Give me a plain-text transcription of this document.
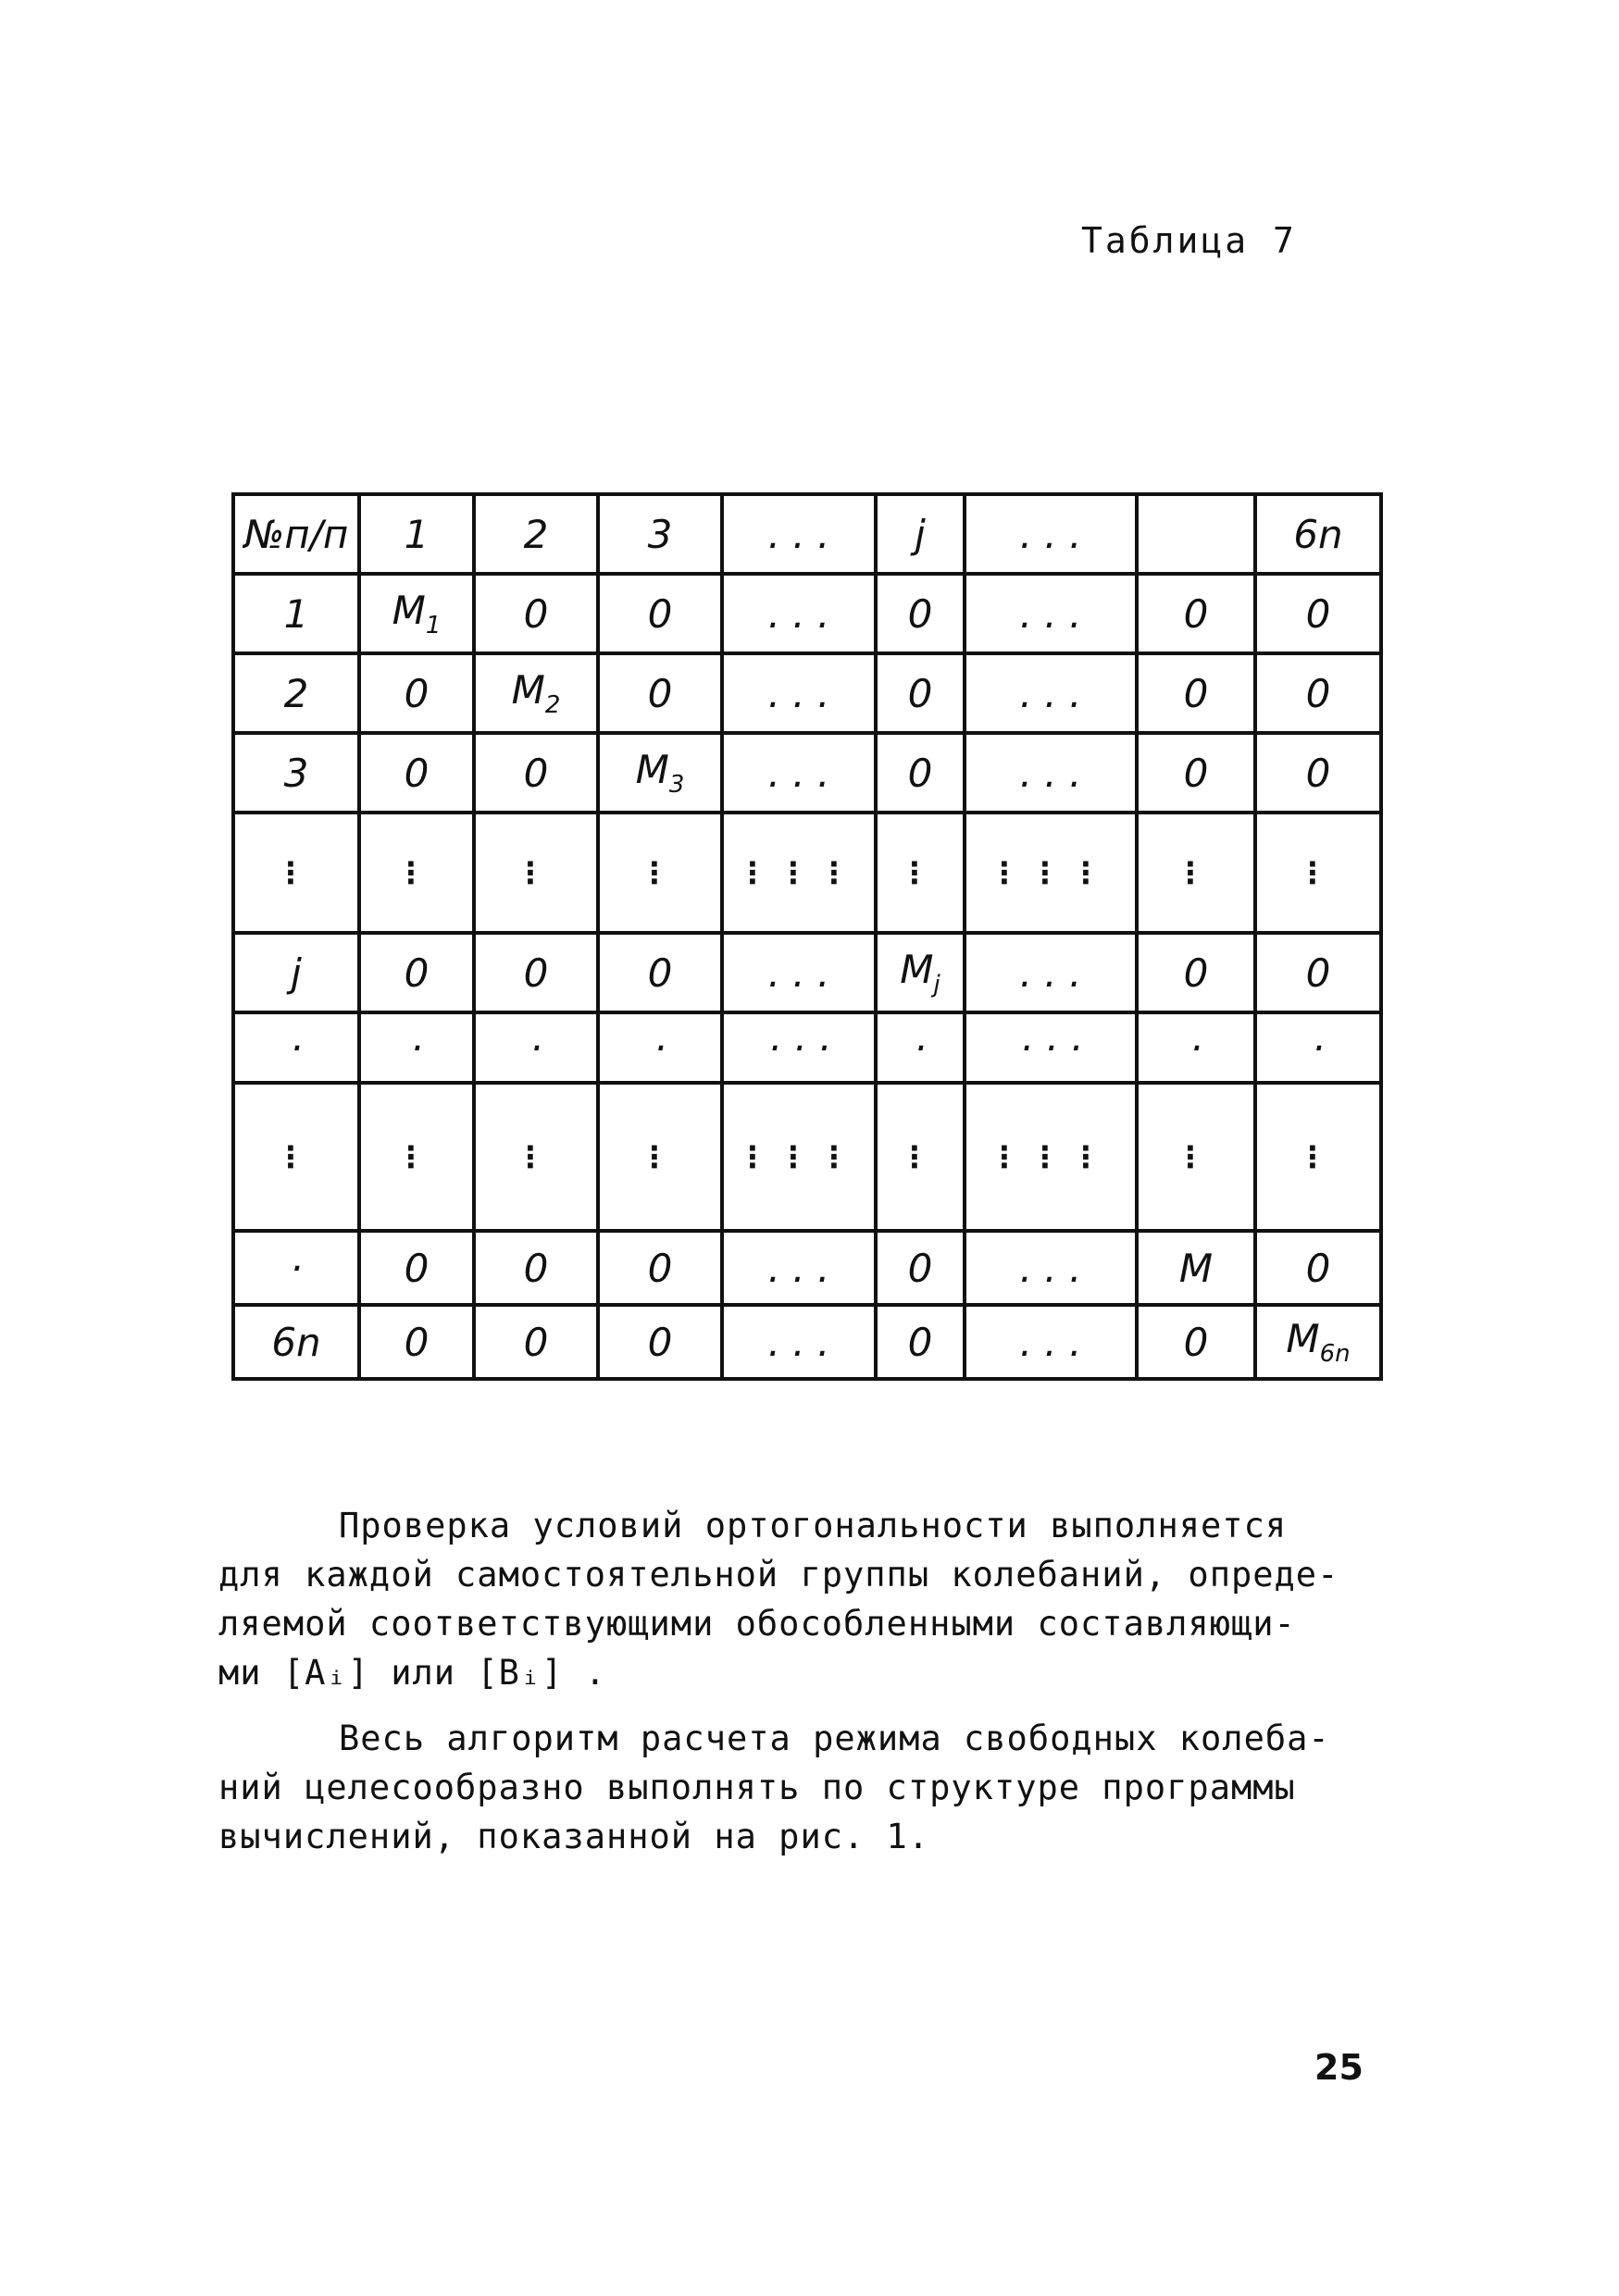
Таблица 7
№п/п	1	2	3	. . .	j	. . .		6n
1	$M_1$	0	0	. . .	0	. . .	0	0
2	0	$M_2$	0	. . .	0	. . .	0	0
3	0	0	$M_3$	. . .	0	. . .	0	0
⋮	⋮	⋮	⋮	⋮⋮⋮	⋮	⋮⋮⋮	⋮	⋮
j	0	0	0	. . .	$M_j$	. . .	0	0
·	·	·	·	· · ·	·	· · ·	·	·
⋮	⋮	⋮	⋮	⋮⋮⋮	⋮	⋮⋮⋮	⋮	⋮
·	0	0	0	. . .	0	. . .	M	0
6n	0	0	0	. . .	0	. . .	0	$M_{6n}$
Проверка условий ортогональности выполняется
для каждой самостоятельной группы колебаний, опреде-
ляемой соответствующими обособленными составляющи-
ми [Aᵢ] или [Bᵢ] .
Весь алгоритм расчета режима свободных колеба-
ний целесообразно выполнять по структуре программы
вычислений, показанной на рис. 1.
25
